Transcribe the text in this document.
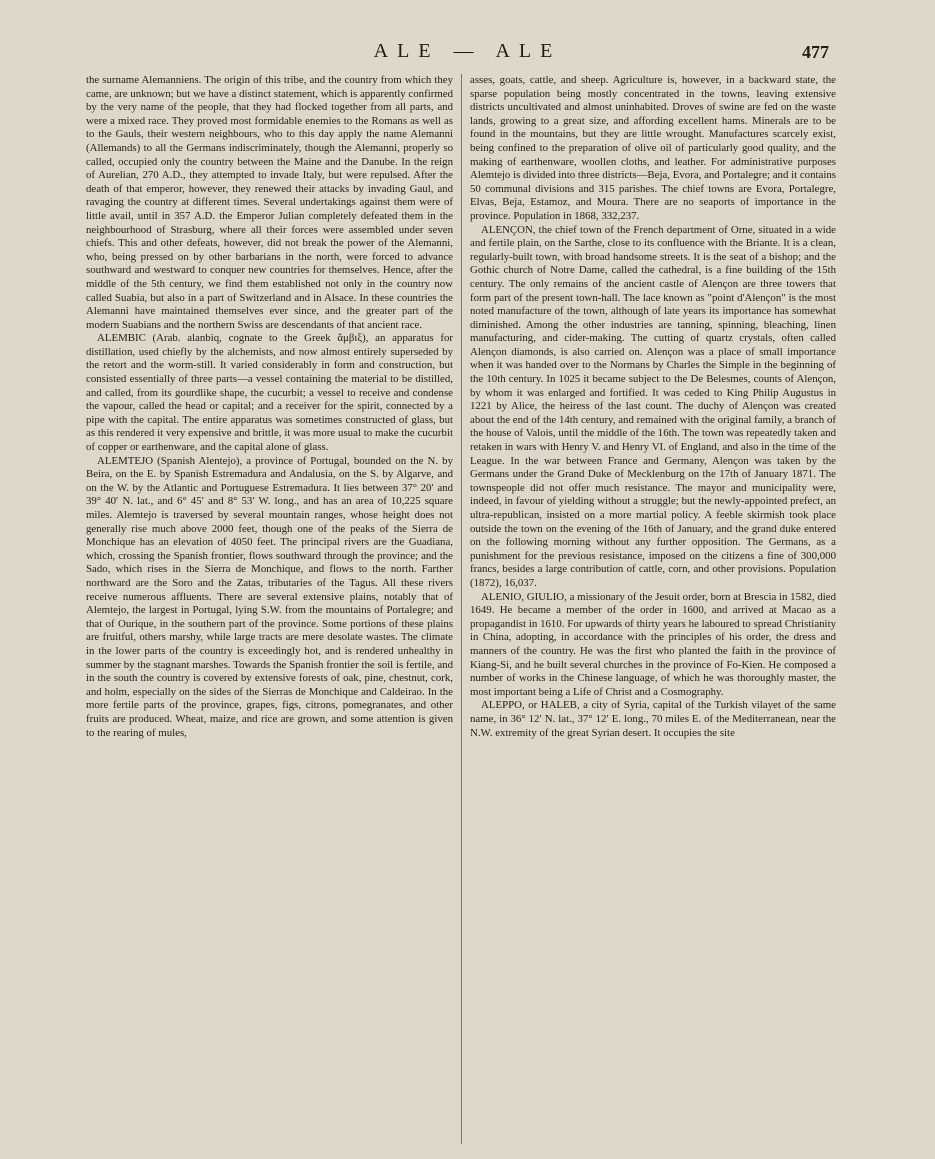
ALE — ALE	477

the surname Alemanniens. The origin of this tribe, and the country from which they came, are unknown; but we have a distinct statement, which is apparently confirmed by the very name of the people, that they had flocked together from all parts, and were a mixed race. They proved most formidable enemies to the Romans as well as to the Gauls, their western neighbours, who to this day apply the name Alemanni (Allemands) to all the Germans indiscriminately, though the Alemanni, properly so called, occupied only the country between the Maine and the Danube. In the reign of Aurelian, 270 A.D., they attempted to invade Italy, but were repulsed. After the death of that emperor, however, they renewed their attacks by invading Gaul, and ravaging the country at different times. Several undertakings against them were of little avail, until in 357 A.D. the Emperor Julian completely defeated them in the neighbourhood of Strasburg, where all their forces were assembled under seven chiefs. This and other defeats, however, did not break the power of the Alemanni, who, being pressed on by other barbarians in the north, were forced to advance southward and westward to conquer new countries for themselves. Hence, after the middle of the 5th century, we find them established not only in the country now called Suabia, but also in a part of Switzerland and in Alsace. In these countries the Alemanni have maintained themselves ever since, and the greater part of the modern Suabians and the northern Swiss are descendants of that ancient race.

ALEMBIC (Arab. alanbiq, cognate to the Greek ἄμβιξ), an apparatus for distillation, used chiefly by the alchemists, and now almost entirely superseded by the retort and the worm-still. It varied considerably in form and construction, but consisted essentially of three parts—a vessel containing the material to be distilled, and called, from its gourdlike shape, the cucurbit; a vessel to receive and condense the vapour, called the head or capital; and a receiver for the spirit, connected by a pipe with the capital. The entire apparatus was sometimes constructed of glass, but as this rendered it very expensive and brittle, it was more usual to make the cucurbit of copper or earthenware, and the capital alone of glass.

ALEMTEJO (Spanish Alentejo), a province of Portugal, bounded on the N. by Beira, on the E. by Spanish Estremadura and Andalusia, on the S. by Algarve, and on the W. by the Atlantic and Portuguese Estremadura. It lies between 37° 20′ and 39° 40′ N. lat., and 6° 45′ and 8° 53′ W. long., and has an area of 10,225 square miles. Alemtejo is traversed by several mountain ranges, whose height does not generally rise much above 2000 feet, though one of the peaks of the Sierra de Monchique has an elevation of 4050 feet. The principal rivers are the Guadiana, which, crossing the Spanish frontier, flows southward through the province; and the Sado, which rises in the Sierra de Monchique, and flows to the north. Farther northward are the Soro and the Zatas, tributaries of the Tagus. All these rivers receive numerous affluents. There are several extensive plains, notably that of Alemtejo, the largest in Portugal, lying S.W. from the mountains of Portalegre; and that of Ourique, in the southern part of the province. Some portions of these plains are fruitful, others marshy, while large tracts are mere desolate wastes. The climate in the lower parts of the country is exceedingly hot, and is rendered unhealthy in summer by the stagnant marshes. Towards the Spanish frontier the soil is fertile, and in the south the country is covered by extensive forests of oak, pine, chestnut, cork, and holm, especially on the sides of the Sierras de Monchique and Caldeirao. In the more fertile parts of the province, grapes, figs, citrons, pomegranates, and other fruits are produced. Wheat, maize, and rice are grown, and some attention is given to the rearing of mules,

asses, goats, cattle, and sheep. Agriculture is, however, in a backward state, the sparse population being mostly concentrated in the towns, leaving extensive districts uncultivated and almost uninhabited. Droves of swine are fed on the waste lands, growing to a great size, and affording excellent hams. Minerals are to be found in the mountains, but they are little wrought. Manufactures scarcely exist, being confined to the preparation of olive oil of particularly good quality, and the making of earthenware, woollen cloths, and leather. For administrative purposes Alemtejo is divided into three districts—Beja, Evora, and Portalegre; and it contains 50 communal divisions and 315 parishes. The chief towns are Evora, Portalegre, Elvas, Beja, Estamoz, and Moura. There are no seaports of importance in the province. Population in 1868, 332,237.

ALENÇON, the chief town of the French department of Orne, situated in a wide and fertile plain, on the Sarthe, close to its confluence with the Briante. It is a clean, regularly-built town, with broad handsome streets. It is the seat of a bishop; and the Gothic church of Notre Dame, called the cathedral, is a fine building of the 15th century. The only remains of the ancient castle of Alençon are three towers that form part of the present town-hall. The lace known as "point d'Alençon" is the most noted manufacture of the town, although of late years its importance has somewhat diminished. Among the other industries are tanning, spinning, bleaching, linen manufacturing, and cider-making. The cutting of quartz crystals, often called Alençon diamonds, is also carried on. Alençon was a place of small importance when it was handed over to the Normans by Charles the Simple in the beginning of the 10th century. In 1025 it became subject to the De Belesmes, counts of Alençon, by whom it was enlarged and fortified. It was ceded to King Philip Augustus in 1221 by Alice, the heiress of the last count. The duchy of Alençon was created about the end of the 14th century, and remained with the original family, a branch of the house of Valois, until the middle of the 16th. The town was repeatedly taken and retaken in wars with Henry V. and Henry VI. of England, and also in the time of the League. In the war between France and Germany, Alençon was taken by the Germans under the Grand Duke of Mecklenburg on the 17th of January 1871. The townspeople did not offer much resistance. The mayor and municipality were, indeed, in favour of yielding without a struggle; but the newly-appointed prefect, an ultra-republican, insisted on a more martial policy. A feeble skirmish took place outside the town on the evening of the 16th of January, and the grand duke entered on the following morning without any further opposition. The Germans, as a punishment for the previous resistance, imposed on the citizens a fine of 300,000 francs, besides a large contribution of cattle, corn, and other provisions. Population (1872), 16,037.

ALENIO, GIULIO, a missionary of the Jesuit order, born at Brescia in 1582, died 1649. He became a member of the order in 1600, and arrived at Macao as a propagandist in 1610. For upwards of thirty years he laboured to spread Christianity in China, adopting, in accordance with the principles of his order, the dress and manners of the country. He was the first who planted the faith in the province of Kiang-Si, and he built several churches in the province of Fo-Kien. He composed a number of works in the Chinese language, of which he was thoroughly master, the most important being a Life of Christ and a Cosmography.

ALEPPO, or HALEB, a city of Syria, capital of the Turkish vilayet of the same name, in 36° 12′ N. lat., 37° 12′ E. long., 70 miles E. of the Mediterranean, near the N.W. extremity of the great Syrian desert. It occupies the site
